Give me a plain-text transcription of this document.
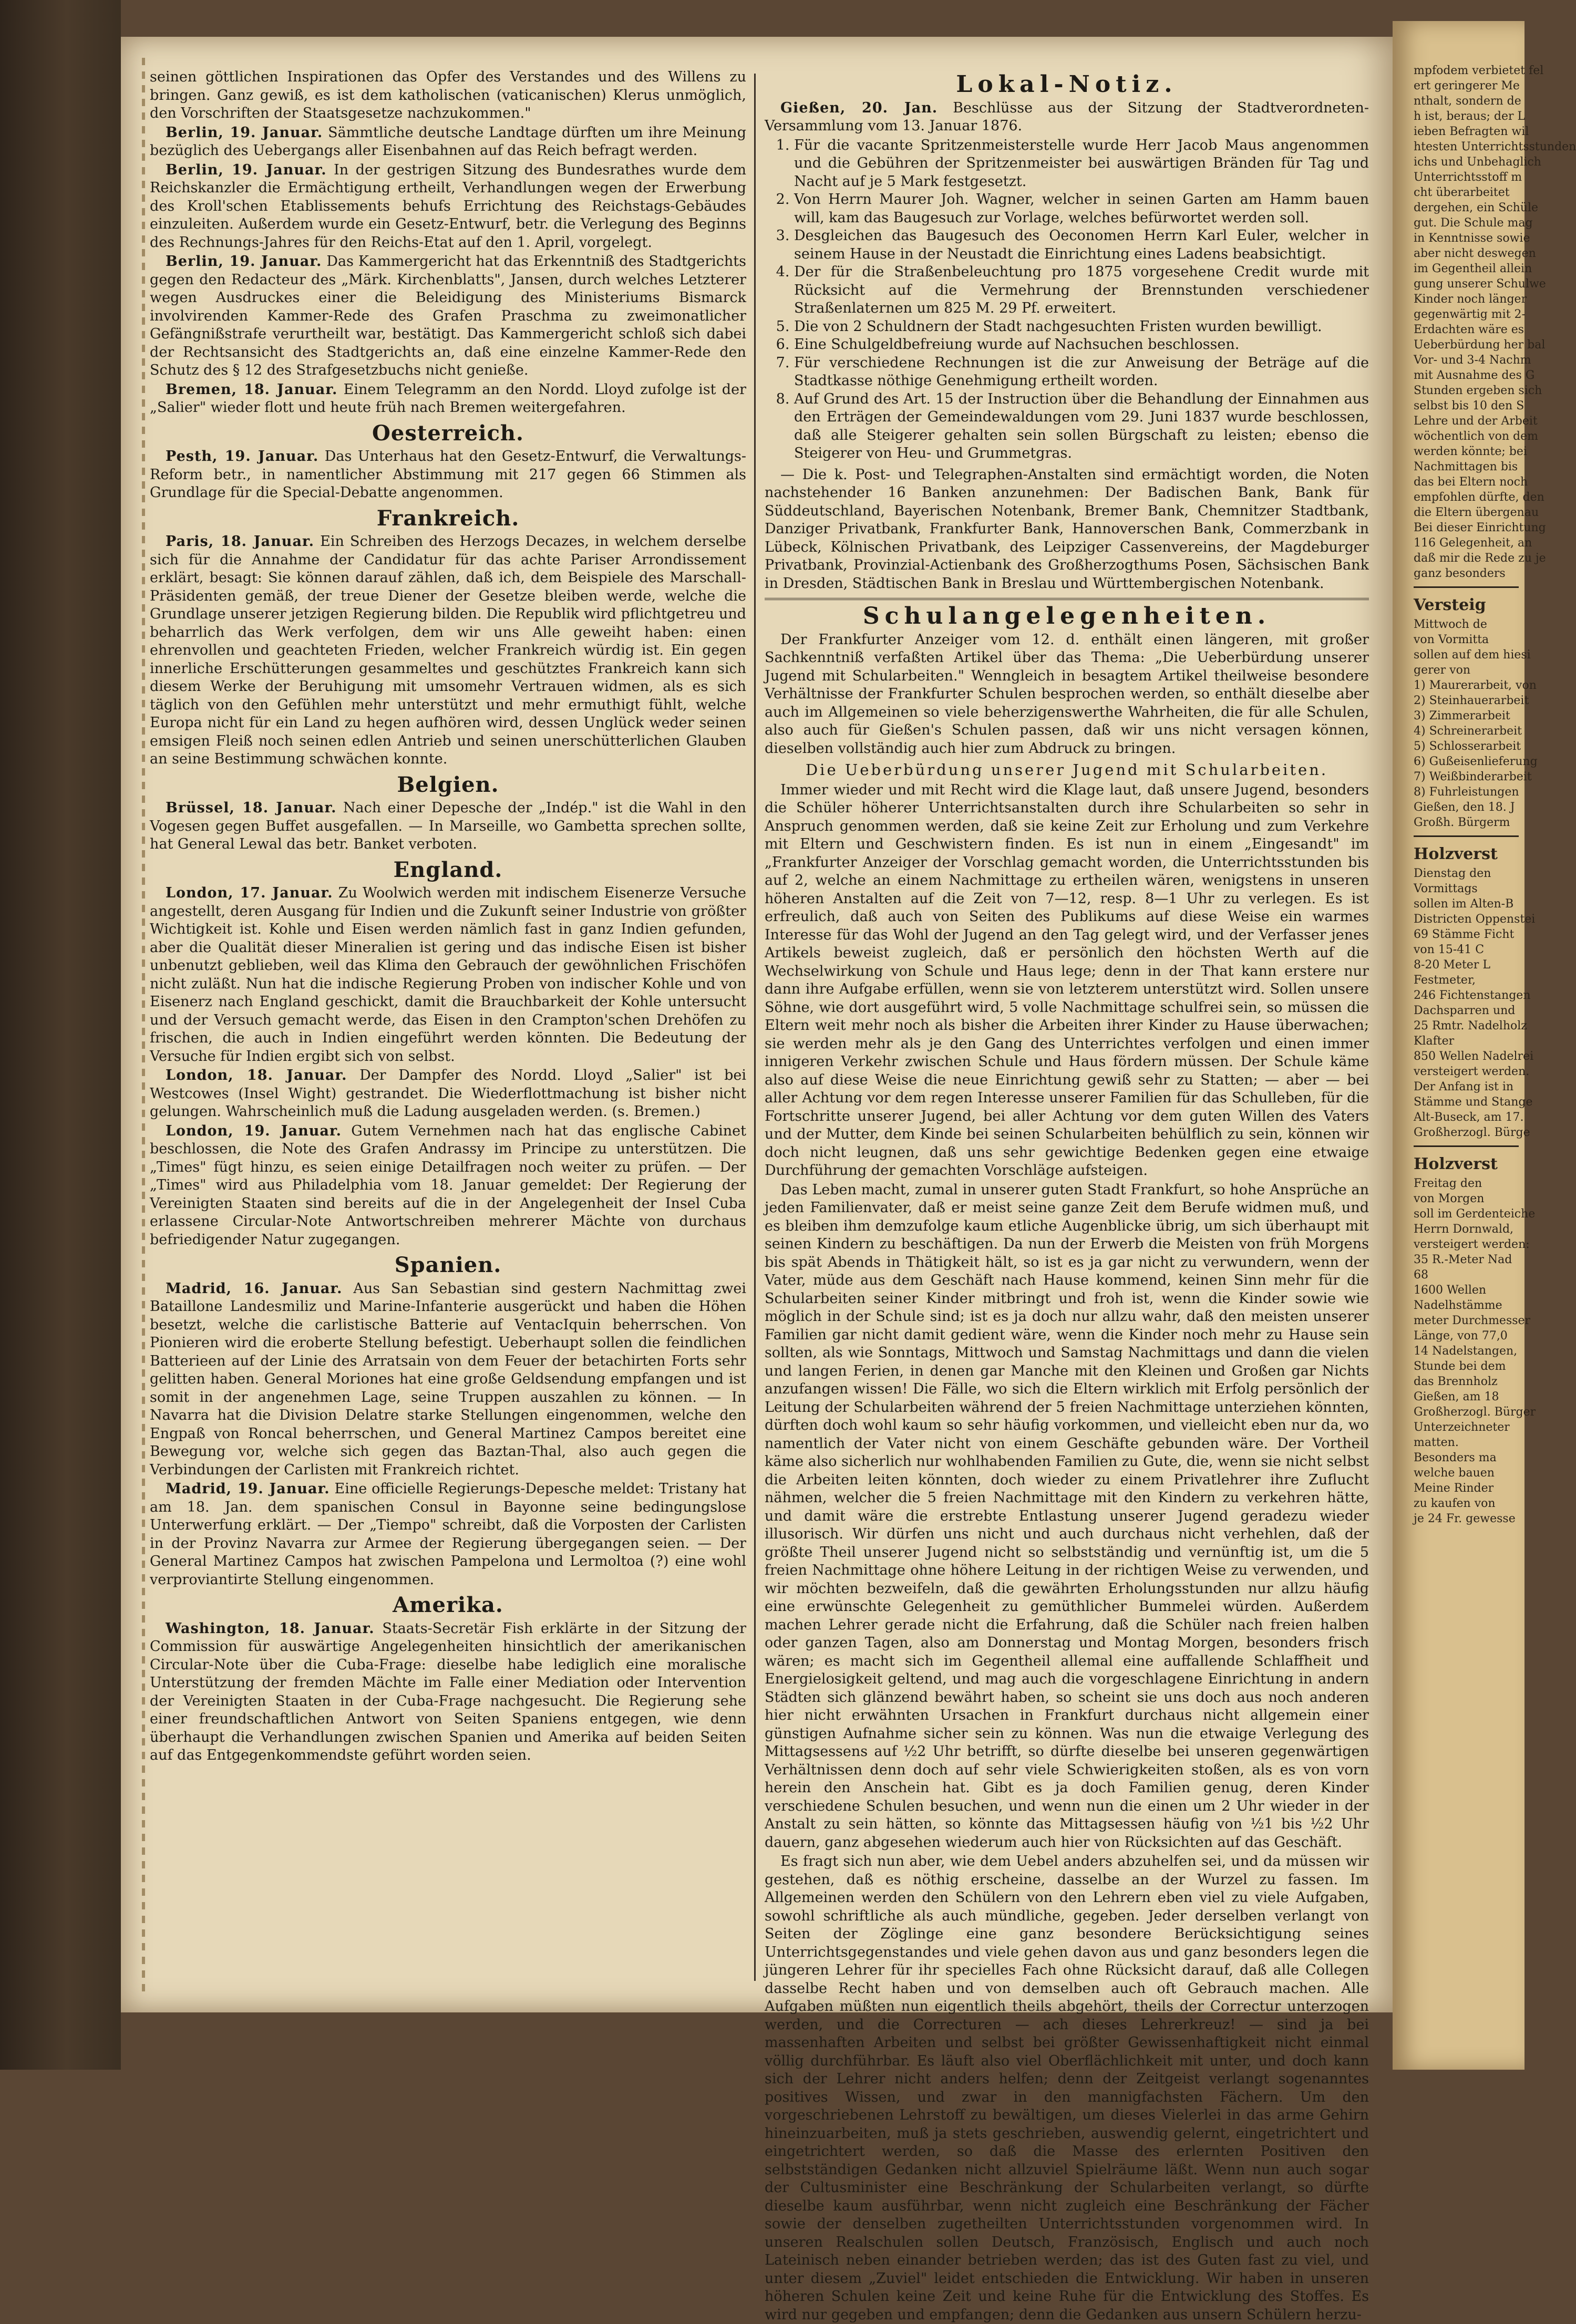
seinen göttlichen Inspirationen das Opfer des Verstandes und des Willens zu bringen. Ganz gewiß, es ist dem katholischen (vaticanischen) Klerus unmöglich, den Vorschriften der Staatsgesetze nachzukommen."

Berlin, 19. Januar. Sämmtliche deutsche Landtage dürften um ihre Meinung bezüglich des Uebergangs aller Eisenbahnen auf das Reich befragt werden.

Berlin, 19. Januar. In der gestrigen Sitzung des Bundesrathes wurde dem Reichskanzler die Ermächtigung ertheilt, Verhandlungen wegen der Erwerbung des Kroll'schen Etablissements behufs Errichtung des Reichstags-Gebäudes einzuleiten. Außerdem wurde ein Gesetz-Entwurf, betr. die Verlegung des Beginns des Rechnungs-Jahres für den Reichs-Etat auf den 1. April, vorgelegt.

Berlin, 19. Januar. Das Kammergericht hat das Erkenntniß des Stadtgerichts gegen den Redacteur des „Märk. Kirchenblatts", Jansen, durch welches Letzterer wegen Ausdruckes einer die Beleidigung des Ministeriums Bismarck involvirenden Kammer-Rede des Grafen Praschma zu zweimonatlicher Gefängnißstrafe verurtheilt war, bestätigt. Das Kammergericht schloß sich dabei der Rechtsansicht des Stadtgerichts an, daß eine einzelne Kammer-Rede den Schutz des § 12 des Strafgesetzbuchs nicht genieße.

Bremen, 18. Januar. Einem Telegramm an den Nordd. Lloyd zufolge ist der „Salier" wieder flott und heute früh nach Bremen weitergefahren.

Oesterreich.

Pesth, 19. Januar. Das Unterhaus hat den Gesetz-Entwurf, die Verwaltungs-Reform betr., in namentlicher Abstimmung mit 217 gegen 66 Stimmen als Grundlage für die Special-Debatte angenommen.

Frankreich.

Paris, 18. Januar. Ein Schreiben des Herzogs Decazes, in welchem derselbe sich für die Annahme der Candidatur für das achte Pariser Arrondissement erklärt, besagt: Sie können darauf zählen, daß ich, dem Beispiele des Marschall-Präsidenten gemäß, der treue Diener der Gesetze bleiben werde, welche die Grundlage unserer jetzigen Regierung bilden. Die Republik wird pflichtgetreu und beharrlich das Werk verfolgen, dem wir uns Alle geweiht haben: einen ehrenvollen und geachteten Frieden, welcher Frankreich würdig ist. Ein gegen innerliche Erschütterungen gesammeltes und geschütztes Frankreich kann sich diesem Werke der Beruhigung mit umsomehr Vertrauen widmen, als es sich täglich von den Gefühlen mehr unterstützt und mehr ermuthigt fühlt, welche Europa nicht für ein Land zu hegen aufhören wird, dessen Unglück weder seinen emsigen Fleiß noch seinen edlen Antrieb und seinen unerschütterlichen Glauben an seine Bestimmung schwächen konnte.

Belgien.

Brüssel, 18. Januar. Nach einer Depesche der „Indép." ist die Wahl in den Vogesen gegen Buffet ausgefallen. — In Marseille, wo Gambetta sprechen sollte, hat General Lewal das betr. Banket verboten.

England.

London, 17. Januar. Zu Woolwich werden mit indischem Eisenerze Versuche angestellt, deren Ausgang für Indien und die Zukunft seiner Industrie von größter Wichtigkeit ist. Kohle und Eisen werden nämlich fast in ganz Indien gefunden, aber die Qualität dieser Mineralien ist gering und das indische Eisen ist bisher unbenutzt geblieben, weil das Klima den Gebrauch der gewöhnlichen Frischöfen nicht zuläßt. Nun hat die indische Regierung Proben von indischer Kohle und von Eisenerz nach England geschickt, damit die Brauchbarkeit der Kohle untersucht und der Versuch gemacht werde, das Eisen in den Crampton'schen Drehöfen zu frischen, die auch in Indien eingeführt werden könnten. Die Bedeutung der Versuche für Indien ergibt sich von selbst.

London, 18. Januar. Der Dampfer des Nordd. Lloyd „Salier" ist bei Westcowes (Insel Wight) gestrandet. Die Wiederflottmachung ist bisher nicht gelungen. Wahrscheinlich muß die Ladung ausgeladen werden. (s. Bremen.)

London, 19. Januar. Gutem Vernehmen nach hat das englische Cabinet beschlossen, die Note des Grafen Andrassy im Principe zu unterstützen. Die „Times" fügt hinzu, es seien einige Detailfragen noch weiter zu prüfen. — Der „Times" wird aus Philadelphia vom 18. Januar gemeldet: Der Regierung der Vereinigten Staaten sind bereits auf die in der Angelegenheit der Insel Cuba erlassene Circular-Note Antwortschreiben mehrerer Mächte von durchaus befriedigender Natur zugegangen.

Spanien.

Madrid, 16. Januar. Aus San Sebastian sind gestern Nachmittag zwei Bataillone Landesmiliz und Marine-Infanterie ausgerückt und haben die Höhen besetzt, welche die carlistische Batterie auf VentacIquin beherrschen. Von Pionieren wird die eroberte Stellung befestigt. Ueberhaupt sollen die feindlichen Batterieen auf der Linie des Arratsain von dem Feuer der betachirten Forts sehr gelitten haben. General Moriones hat eine große Geldsendung empfangen und ist somit in der angenehmen Lage, seine Truppen auszahlen zu können. — In Navarra hat die Division Delatre starke Stellungen eingenommen, welche den Engpaß von Roncal beherrschen, und General Martinez Campos bereitet eine Bewegung vor, welche sich gegen das Baztan-Thal, also auch gegen die Verbindungen der Carlisten mit Frankreich richtet.

Madrid, 19. Januar. Eine officielle Regierungs-Depesche meldet: Tristany hat am 18. Jan. dem spanischen Consul in Bayonne seine bedingungslose Unterwerfung erklärt. — Der „Tiempo" schreibt, daß die Vorposten der Carlisten in der Provinz Navarra zur Armee der Regierung übergegangen seien. — Der General Martinez Campos hat zwischen Pampelona und Lermoltoa (?) eine wohl verproviantirte Stellung eingenommen.

Amerika.

Washington, 18. Januar. Staats-Secretär Fish erklärte in der Sitzung der Commission für auswärtige Angelegenheiten hinsichtlich der amerikanischen Circular-Note über die Cuba-Frage: dieselbe habe lediglich eine moralische Unterstützung der fremden Mächte im Falle einer Mediation oder Intervention der Vereinigten Staaten in der Cuba-Frage nachgesucht. Die Regierung sehe einer freundschaftlichen Antwort von Seiten Spaniens entgegen, wie denn überhaupt die Verhandlungen zwischen Spanien und Amerika auf beiden Seiten auf das Entgegenkommendste geführt worden seien.

Lokal-Notiz.

Gießen, 20. Jan. Beschlüsse aus der Sitzung der Stadtverordneten-Versammlung vom 13. Januar 1876.

1. Für die vacante Spritzenmeisterstelle wurde Herr Jacob Maus angenommen und die Gebühren der Spritzenmeister bei auswärtigen Bränden für Tag und Nacht auf je 5 Mark festgesetzt.
2. Von Herrn Maurer Joh. Wagner, welcher in seinen Garten am Hamm bauen will, kam das Baugesuch zur Vorlage, welches befürwortet werden soll.
3. Desgleichen das Baugesuch des Oeconomen Herrn Karl Euler, welcher in seinem Hause in der Neustadt die Einrichtung eines Ladens beabsichtigt.
4. Der für die Straßenbeleuchtung pro 1875 vorgesehene Credit wurde mit Rücksicht auf die Vermehrung der Brennstunden verschiedener Straßenlaternen um 825 M. 29 Pf. erweitert.
5. Die von 2 Schuldnern der Stadt nachgesuchten Fristen wurden bewilligt.
6. Eine Schulgeldbefreiung wurde auf Nachsuchen beschlossen.
7. Für verschiedene Rechnungen ist die zur Anweisung der Beträge auf die Stadtkasse nöthige Genehmigung ertheilt worden.
8. Auf Grund des Art. 15 der Instruction über die Behandlung der Einnahmen aus den Erträgen der Gemeindewaldungen vom 29. Juni 1837 wurde beschlossen, daß alle Steigerer gehalten sein sollen Bürgschaft zu leisten; ebenso die Steigerer von Heu- und Grummetgras.

— Die k. Post- und Telegraphen-Anstalten sind ermächtigt worden, die Noten nachstehender 16 Banken anzunehmen: Der Badischen Bank, Bank für Süddeutschland, Bayerischen Notenbank, Bremer Bank, Chemnitzer Stadtbank, Danziger Privatbank, Frankfurter Bank, Hannoverschen Bank, Commerzbank in Lübeck, Kölnischen Privatbank, des Leipziger Cassenvereins, der Magdeburger Privatbank, Provinzial-Actienbank des Großherzogthums Posen, Sächsischen Bank in Dresden, Städtischen Bank in Breslau und Württembergischen Notenbank.

Schulangelegenheiten.

Der Frankfurter Anzeiger vom 12. d. enthält einen längeren, mit großer Sachkenntniß verfaßten Artikel über das Thema: „Die Ueberbürdung unserer Jugend mit Schularbeiten." Wenngleich in besagtem Artikel theilweise besondere Verhältnisse der Frankfurter Schulen besprochen werden, so enthält dieselbe aber auch im Allgemeinen so viele beherzigenswerthe Wahrheiten, die für alle Schulen, also auch für Gießen's Schulen passen, daß wir uns nicht versagen können, dieselben vollständig auch hier zum Abdruck zu bringen.

Die Ueberbürdung unserer Jugend mit Schularbeiten.

Immer wieder und mit Recht wird die Klage laut, daß unsere Jugend, besonders die Schüler höherer Unterrichtsanstalten durch ihre Schularbeiten so sehr in Anspruch genommen werden, daß sie keine Zeit zur Erholung und zum Verkehre mit Eltern und Geschwistern finden. Es ist nun in einem „Eingesandt" im „Frankfurter Anzeiger der Vorschlag gemacht worden, die Unterrichtsstunden bis auf 2, welche an einem Nachmittage zu ertheilen wären, wenigstens in unseren höheren Anstalten auf die Zeit von 7—12, resp. 8—1 Uhr zu verlegen. Es ist erfreulich, daß auch von Seiten des Publikums auf diese Weise ein warmes Interesse für das Wohl der Jugend an den Tag gelegt wird, und der Verfasser jenes Artikels beweist zugleich, daß er persönlich den höchsten Werth auf die Wechselwirkung von Schule und Haus lege; denn in der That kann erstere nur dann ihre Aufgabe erfüllen, wenn sie von letzterem unterstützt wird. Sollen unsere Söhne, wie dort ausgeführt wird, 5 volle Nachmittage schulfrei sein, so müssen die Eltern weit mehr noch als bisher die Arbeiten ihrer Kinder zu Hause überwachen; sie werden mehr als je den Gang des Unterrichtes verfolgen und einen immer innigeren Verkehr zwischen Schule und Haus fördern müssen. Der Schule käme also auf diese Weise die neue Einrichtung gewiß sehr zu Statten; — aber — bei aller Achtung vor dem regen Interesse unserer Familien für das Schulleben, für die Fortschritte unserer Jugend, bei aller Achtung vor dem guten Willen des Vaters und der Mutter, dem Kinde bei seinen Schularbeiten behülflich zu sein, können wir doch nicht leugnen, daß uns sehr gewichtige Bedenken gegen eine etwaige Durchführung der gemachten Vorschläge aufsteigen.

Das Leben macht, zumal in unserer guten Stadt Frankfurt, so hohe Ansprüche an jeden Familienvater, daß er meist seine ganze Zeit dem Berufe widmen muß, und es bleiben ihm demzufolge kaum etliche Augenblicke übrig, um sich überhaupt mit seinen Kindern zu beschäftigen. Da nun der Erwerb die Meisten von früh Morgens bis spät Abends in Thätigkeit hält, so ist es ja gar nicht zu verwundern, wenn der Vater, müde aus dem Geschäft nach Hause kommend, keinen Sinn mehr für die Schularbeiten seiner Kinder mitbringt und froh ist, wenn die Kinder sowie wie möglich in der Schule sind; ist es ja doch nur allzu wahr, daß den meisten unserer Familien gar nicht damit gedient wäre, wenn die Kinder noch mehr zu Hause sein sollten, als wie Sonntags, Mittwoch und Samstag Nachmittags und dann die vielen und langen Ferien, in denen gar Manche mit den Kleinen und Großen gar Nichts anzufangen wissen! Die Fälle, wo sich die Eltern wirklich mit Erfolg persönlich der Leitung der Schularbeiten während der 5 freien Nachmittage unterziehen könnten, dürften doch wohl kaum so sehr häufig vorkommen, und vielleicht eben nur da, wo namentlich der Vater nicht von einem Geschäfte gebunden wäre. Der Vortheil käme also sicherlich nur wohlhabenden Familien zu Gute, die, wenn sie nicht selbst die Arbeiten leiten könnten, doch wieder zu einem Privatlehrer ihre Zuflucht nähmen, welcher die 5 freien Nachmittage mit den Kindern zu verkehren hätte, und damit wäre die erstrebte Entlastung unserer Jugend geradezu wieder illusorisch. Wir dürfen uns nicht und auch durchaus nicht verhehlen, daß der größte Theil unserer Jugend nicht so selbstständig und vernünftig ist, um die 5 freien Nachmittage ohne höhere Leitung in der richtigen Weise zu verwenden, und wir möchten bezweifeln, daß die gewährten Erholungsstunden nur allzu häufig eine erwünschte Gelegenheit zu gemüthlicher Bummelei würden. Außerdem machen Lehrer gerade nicht die Erfahrung, daß die Schüler nach freien halben oder ganzen Tagen, also am Donnerstag und Montag Morgen, besonders frisch wären; es macht sich im Gegentheil allemal eine auffallende Schlaffheit und Energielosigkeit geltend, und mag auch die vorgeschlagene Einrichtung in andern Städten sich glänzend bewährt haben, so scheint sie uns doch aus noch anderen hier nicht erwähnten Ursachen in Frankfurt durchaus nicht allgemein einer günstigen Aufnahme sicher sein zu können. Was nun die etwaige Verlegung des Mittagsessens auf ½2 Uhr betrifft, so dürfte dieselbe bei unseren gegenwärtigen Verhältnissen denn doch auf sehr viele Schwierigkeiten stoßen, als es von vorn herein den Anschein hat. Gibt es ja doch Familien genug, deren Kinder verschiedene Schulen besuchen, und wenn nun die einen um 2 Uhr wieder in der Anstalt zu sein hätten, so könnte das Mittagsessen häufig von ½1 bis ½2 Uhr dauern, ganz abgesehen wiederum auch hier von Rücksichten auf das Geschäft.

Es fragt sich nun aber, wie dem Uebel anders abzuhelfen sei, und da müssen wir gestehen, daß es nöthig erscheine, dasselbe an der Wurzel zu fassen. Im Allgemeinen werden den Schülern von den Lehrern eben viel zu viele Aufgaben, sowohl schriftliche als auch mündliche, gegeben. Jeder derselben verlangt von Seiten der Zöglinge eine ganz besondere Berücksichtigung seines Unterrichtsgegenstandes und viele gehen davon aus und ganz besonders legen die jüngeren Lehrer für ihr specielles Fach ohne Rücksicht darauf, daß alle Collegen dasselbe Recht haben und von demselben auch oft Gebrauch machen. Alle Aufgaben müßten nun eigentlich theils abgehört, theils der Correctur unterzogen werden, und die Correcturen — ach dieses Lehrerkreuz! — sind ja bei massenhaften Arbeiten und selbst bei größter Gewissenhaftigkeit nicht einmal völlig durchführbar. Es läuft also viel Oberflächlichkeit mit unter, und doch kann sich der Lehrer nicht anders helfen; denn der Zeitgeist verlangt sogenanntes positives Wissen, und zwar in den mannigfachsten Fächern. Um den vorgeschriebenen Lehrstoff zu bewältigen, um dieses Vielerlei in das arme Gehirn hineinzuarbeiten, muß ja stets geschrieben, auswendig gelernt, eingetrichtert und eingetrichtert werden, so daß die Masse des erlernten Positiven den selbstständigen Gedanken nicht allzuviel Spielräume läßt. Wenn nun auch sogar der Cultusminister eine Beschränkung der Schularbeiten verlangt, so dürfte dieselbe kaum ausführbar, wenn nicht zugleich eine Beschränkung der Fächer sowie der denselben zugetheilten Unterrichtsstunden vorgenommen wird. In unseren Realschulen sollen Deutsch, Französisch, Englisch und auch noch Lateinisch neben einander betrieben werden; das ist des Guten fast zu viel, und unter diesem „Zuviel" leidet entschieden die Entwicklung. Wir haben in unseren höheren Schulen keine Zeit und keine Ruhe für die Entwicklung des Stoffes. Es wird nur gegeben und empfangen; denn die Gedanken aus unsern Schülern herzu-

mpfodem verbietet fel
ert geringerer Me
nthalt, sondern de
h ist, beraus; der L
ieben Befragten wil
htesten Unterrichtsstunden
ichs und Unbehaglich
Unterrichtsstoff m
cht überarbeitet
dergehen, ein Schüle
gut. Die Schule mag
in Kenntnisse sowie
aber nicht deswegen
im Gegentheil allein
gung unserer Schulwe
Kinder noch länger
gegenwärtig mit 2-
Erdachten wäre es
Ueberbürdung her bal
Vor- und 3-4 Nachm
mit Ausnahme des G
Stunden ergeben sich
selbst bis 10 den S
Lehre und der Arbeit
wöchentlich von dem
werden könnte; bei
Nachmittagen bis
das bei Eltern noch
empfohlen dürfte, den
die Eltern übergenau
Bei dieser Einrichtung
116 Gelegenheit, an
daß mir die Rede zu je
ganz besonders
Versteig
Mittwoch de
von Vormitta
sollen auf dem hiesi
gerer von
1) Maurerarbeit, von
2) Steinhauerarbeit
3) Zimmerarbeit
4) Schreinerarbeit
5) Schlosserarbeit
6) Gußeisenlieferung
7) Weißbinderarbeit
8) Fuhrleistungen
Gießen, den 18. J
Großh. Bürgerm
Holzverst
Dienstag den
Vormittags
sollen im Alten-B
Districten Oppenstei
69 Stämme Ficht
von 15-41 C
8-20 Meter L
Festmeter,
246 Fichtenstangen
Dachsparren und
25 Rmtr. Nadelholz
Klafter
850 Wellen Nadelrei
versteigert werden.
Der Anfang ist in
Stämme und Stange
Alt-Buseck, am 17.
Großherzogl. Bürge
Holzverst
Freitag den
von Morgen
soll im Gerdenteiche
Herrn Dornwald,
versteigert werden:
35 R.-Meter Nad
68
1600 Wellen
Nadelhstämme
meter Durchmesser
Länge, von 77,0
14 Nadelstangen,
Stunde bei dem
das Brennholz
Gießen, am 18
Großherzogl. Bürger
Unterzeichneter
matten.
Besonders ma
welche bauen
Meine Rinder
zu kaufen von
je 24 Fr. gewesse
